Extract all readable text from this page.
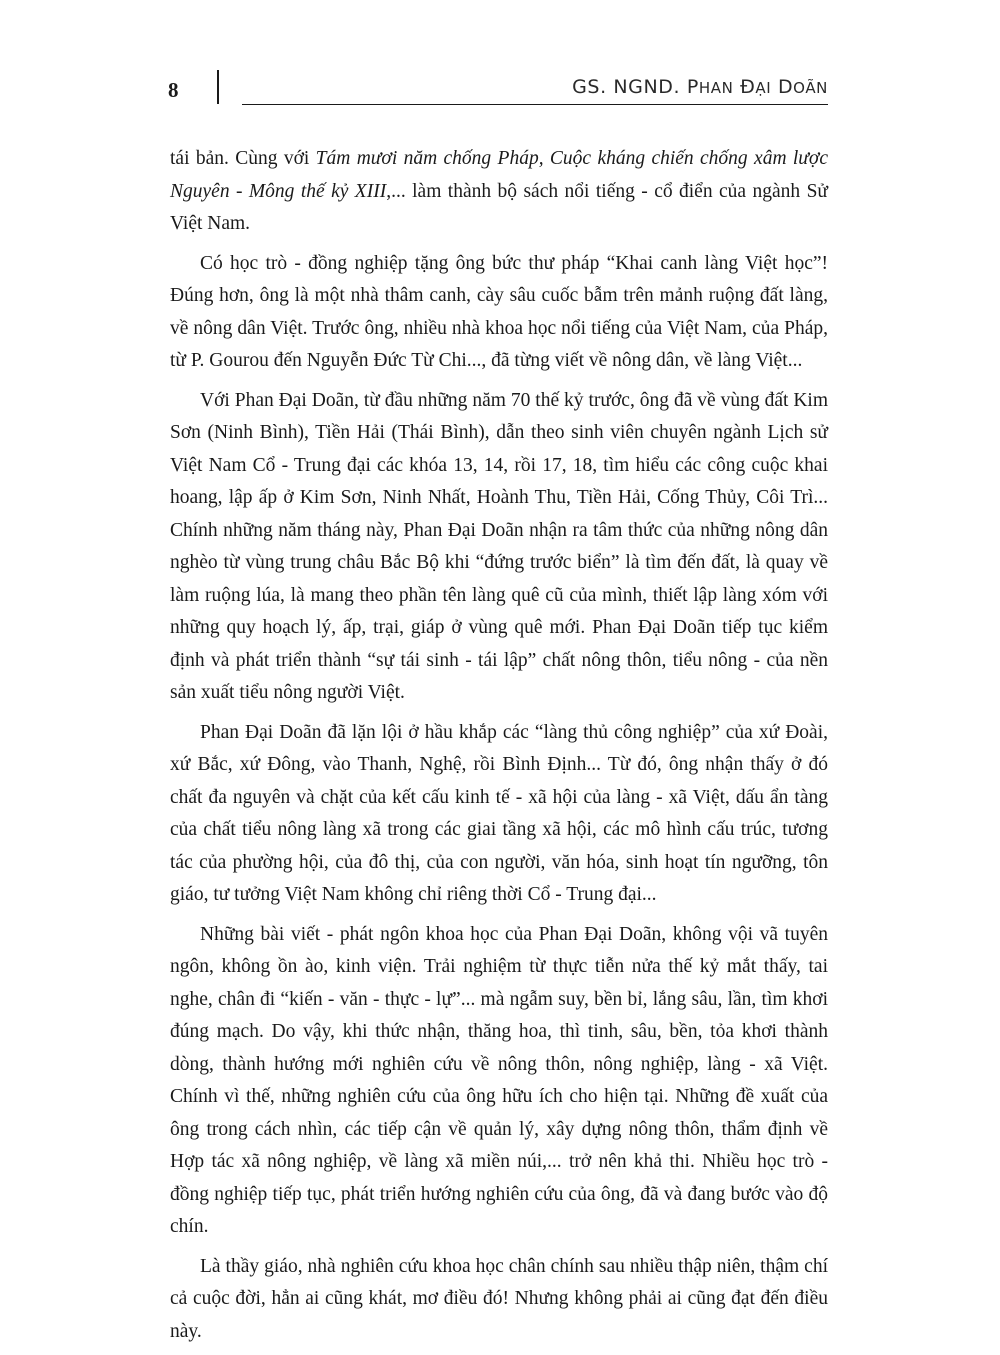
8	GS. NGND. PHAN ĐẠI DOÃN

tái bản. Cùng với Tám mươi năm chống Pháp, Cuộc kháng chiến chống xâm lược Nguyên - Mông thế kỷ XIII,... làm thành bộ sách nổi tiếng - cổ điển của ngành Sử Việt Nam.

Có học trò - đồng nghiệp tặng ông bức thư pháp “Khai canh làng Việt học”! Đúng hơn, ông là một nhà thâm canh, cày sâu cuốc bẫm trên mảnh ruộng đất làng, về nông dân Việt. Trước ông, nhiều nhà khoa học nổi tiếng của Việt Nam, của Pháp, từ P. Gourou đến Nguyễn Đức Từ Chi..., đã từng viết về nông dân, về làng Việt...

Với Phan Đại Doãn, từ đầu những năm 70 thế kỷ trước, ông đã về vùng đất Kim Sơn (Ninh Bình), Tiền Hải (Thái Bình), dẫn theo sinh viên chuyên ngành Lịch sử Việt Nam Cổ - Trung đại các khóa 13, 14, rồi 17, 18, tìm hiểu các công cuộc khai hoang, lập ấp ở Kim Sơn, Ninh Nhất, Hoành Thu, Tiền Hải, Cống Thủy, Côi Trì... Chính những năm tháng này, Phan Đại Doãn nhận ra tâm thức của những nông dân nghèo từ vùng trung châu Bắc Bộ khi “đứng trước biển” là tìm đến đất, là quay về làm ruộng lúa, là mang theo phần tên làng quê cũ của mình, thiết lập làng xóm với những quy hoạch lý, ấp, trại, giáp ở vùng quê mới. Phan Đại Doãn tiếp tục kiểm định và phát triển thành “sự tái sinh - tái lập” chất nông thôn, tiểu nông - của nền sản xuất tiểu nông người Việt.

Phan Đại Doãn đã lặn lội ở hầu khắp các “làng thủ công nghiệp” của xứ Đoài, xứ Bắc, xứ Đông, vào Thanh, Nghệ, rồi Bình Định... Từ đó, ông nhận thấy ở đó chất đa nguyên và chặt của kết cấu kinh tế - xã hội của làng - xã Việt, dấu ẩn tàng của chất tiểu nông làng xã trong các giai tầng xã hội, các mô hình cấu trúc, tương tác của phường hội, của đô thị, của con người, văn hóa, sinh hoạt tín ngưỡng, tôn giáo, tư tưởng Việt Nam không chỉ riêng thời Cổ - Trung đại...

Những bài viết - phát ngôn khoa học của Phan Đại Doãn, không vội vã tuyên ngôn, không ồn ào, kinh viện. Trải nghiệm từ thực tiễn nửa thế kỷ mắt thấy, tai nghe, chân đi “kiến - văn - thực - lự”... mà ngẫm suy, bền bỉ, lắng sâu, lần, tìm khơi đúng mạch. Do vậy, khi thức nhận, thăng hoa, thì tinh, sâu, bền, tỏa khơi thành dòng, thành hướng mới nghiên cứu về nông thôn, nông nghiệp, làng - xã Việt. Chính vì thế, những nghiên cứu của ông hữu ích cho hiện tại. Những đề xuất của ông trong cách nhìn, các tiếp cận về quản lý, xây dựng nông thôn, thẩm định về Hợp tác xã nông nghiệp, về làng xã miền núi,... trở nên khả thi. Nhiều học trò - đồng nghiệp tiếp tục, phát triển hướng nghiên cứu của ông, đã và đang bước vào độ chín.

Là thầy giáo, nhà nghiên cứu khoa học chân chính sau nhiều thập niên, thậm chí cả cuộc đời, hẳn ai cũng khát, mơ điều đó! Nhưng không phải ai cũng đạt đến điều này.
